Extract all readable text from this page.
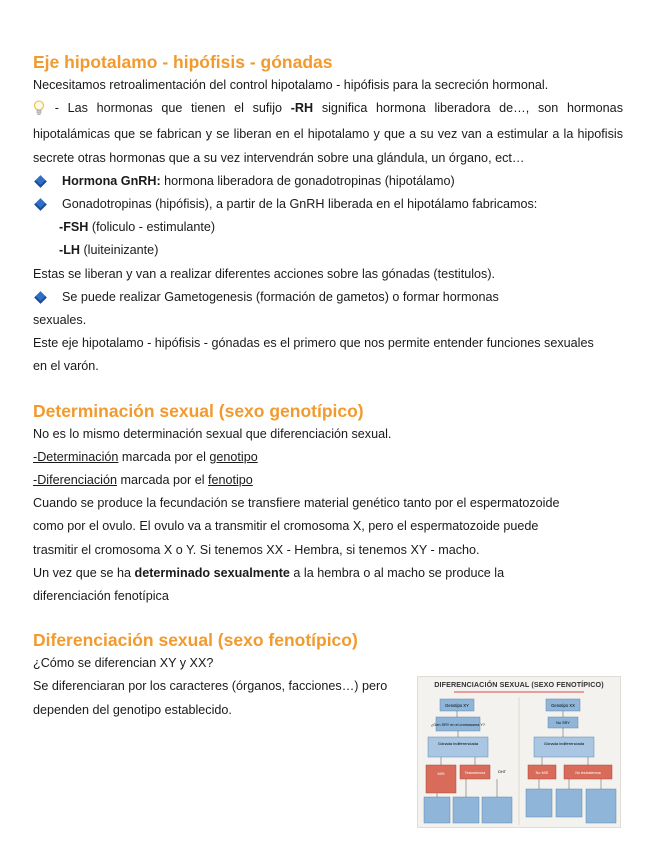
Eje hipotalamo - hipófisis - gónadas

Necesitamos retroalimentación del control hipotalamo - hipófisis para la secreción hormonal.

- Las hormonas que tienen el sufijo -RH significa hormona liberadora de…, son hormonas hipotalámicas que se fabrican y se liberan en el hipotalamo y que a su vez van a estimular a la hipofisis secrete otras hormonas que a su vez intervendrán sobre una glándula, un órgano, ect…

Hormona GnRH: hormona liberadora de gonadotropinas (hipotálamo)

Gonadotropinas (hipófisis), a partir de la GnRH liberada en el hipotálamo fabricamos:

-FSH (foliculo - estimulante)

-LH (luiteinizante)

Estas se liberan y van a realizar diferentes acciones sobre las gónadas (testitulos).

Se puede realizar Gametogenesis (formación de gametos) o formar hormonas

sexuales.

Este eje hipotalamo - hipófisis - gónadas es el primero que nos permite entender funciones sexuales en el varón.

Determinación sexual (sexo genotípico)

No es lo mismo determinación sexual que diferenciación sexual.

-Determinación marcada por el genotipo

-Diferenciación marcada por el fenotipo

Cuando se produce la fecundación se transfiere material genético tanto por el espermatozoide como por el ovulo. El ovulo va a transmitir el cromosoma X, pero el espermatozoide puede trasmitir el cromosoma X o Y. Si tenemos XX - Hembra, si tenemos XY - macho.

Un vez que se ha determinado sexualmente a la hembra o al macho se produce la diferenciación fenotípica

Diferenciación sexual (sexo fenotípico)

¿Cómo se diferencian XY y XX?

Se diferenciaran por los caracteres (órganos, facciones…) pero dependen del genotipo establecido.

DIFERENCIACIÓN SEXUAL (SEXO FENOTÍPICO)
Genotipo XY
¿Gen SRY en el cromosoma Y?
Gónada indiferenciada
MIS	Testosterona	DHT
Genotipo XX
No SRY
Gónada indiferenciada
No MIS	No testosterona
